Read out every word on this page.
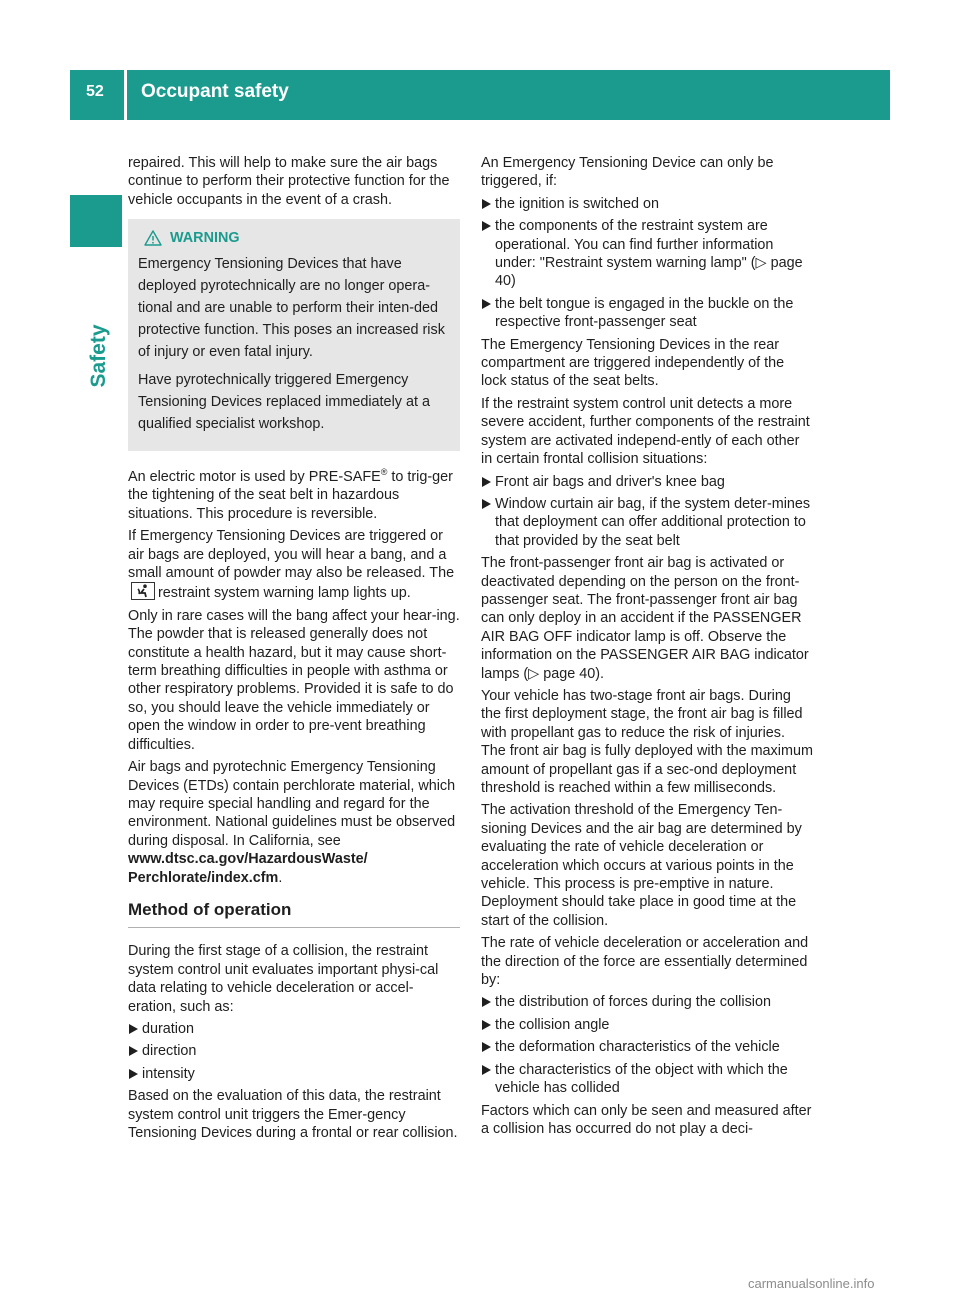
52 Occupant safety
Safety

repaired. This will help to make sure the air bags continue to perform their protective function for the vehicle occupants in the event of a crash.

WARNING

Emergency Tensioning Devices that have deployed pyrotechnically are no longer opera-tional and are unable to perform their inten-ded protective function. This poses an increased risk of injury or even fatal injury.

Have pyrotechnically triggered Emergency Tensioning Devices replaced immediately at a qualified specialist workshop.

An electric motor is used by PRE-SAFE® to trig-ger the tightening of the seat belt in hazardous situations. This procedure is reversible.

If Emergency Tensioning Devices are triggered or air bags are deployed, you will hear a bang, and a small amount of powder may also be released. The
restraint system warning lamp lights up.

Only in rare cases will the bang affect your hear-ing. The powder that is released generally does not constitute a health hazard, but it may cause short-term breathing difficulties in people with asthma or other respiratory problems. Provided it is safe to do so, you should leave the vehicle immediately or open the window in order to pre-vent breathing difficulties.

Air bags and pyrotechnic Emergency Tensioning Devices (ETDs) contain perchlorate material, which may require special handling and regard for the environment. National guidelines must be observed during disposal. In California, see www.dtsc.ca.gov/HazardousWaste/ Perchlorate/index.cfm.

Method of operation

During the first stage of a collision, the restraint system control unit evaluates important physi-cal data relating to vehicle deceleration or accel-eration, such as:

duration
direction
intensity

Based on the evaluation of this data, the restraint system control unit triggers the Emer-gency Tensioning Devices during a frontal or rear collision.

An Emergency Tensioning Device can only be triggered, if:

the ignition is switched on
the components of the restraint system are operational. You can find further information under: "Restraint system warning lamp" (▷ page 40)
the belt tongue is engaged in the buckle on the respective front-passenger seat

The Emergency Tensioning Devices in the rear compartment are triggered independently of the lock status of the seat belts.

If the restraint system control unit detects a more severe accident, further components of the restraint system are activated independ-ently of each other in certain frontal collision situations:

Front air bags and driver's knee bag
Window curtain air bag, if the system deter-mines that deployment can offer additional protection to that provided by the seat belt

The front-passenger front air bag is activated or deactivated depending on the person on the front-passenger seat. The front-passenger front air bag can only deploy in an accident if the PASSENGER AIR BAG OFF indicator lamp is off. Observe the information on the PASSENGER AIR BAG indicator lamps (▷ page 40).

Your vehicle has two-stage front air bags. During the first deployment stage, the front air bag is filled with propellant gas to reduce the risk of injuries. The front air bag is fully deployed with the maximum amount of propellant gas if a sec-ond deployment threshold is reached within a few milliseconds.

The activation threshold of the Emergency Ten-sioning Devices and the air bag are determined by evaluating the rate of vehicle deceleration or acceleration which occurs at various points in the vehicle. This process is pre-emptive in nature. Deployment should take place in good time at the start of the collision.

The rate of vehicle deceleration or acceleration and the direction of the force are essentially determined by:

the distribution of forces during the collision
the collision angle
the deformation characteristics of the vehicle
the characteristics of the object with which the vehicle has collided

Factors which can only be seen and measured after a collision has occurred do not play a deci-

carmanualsonline.info
